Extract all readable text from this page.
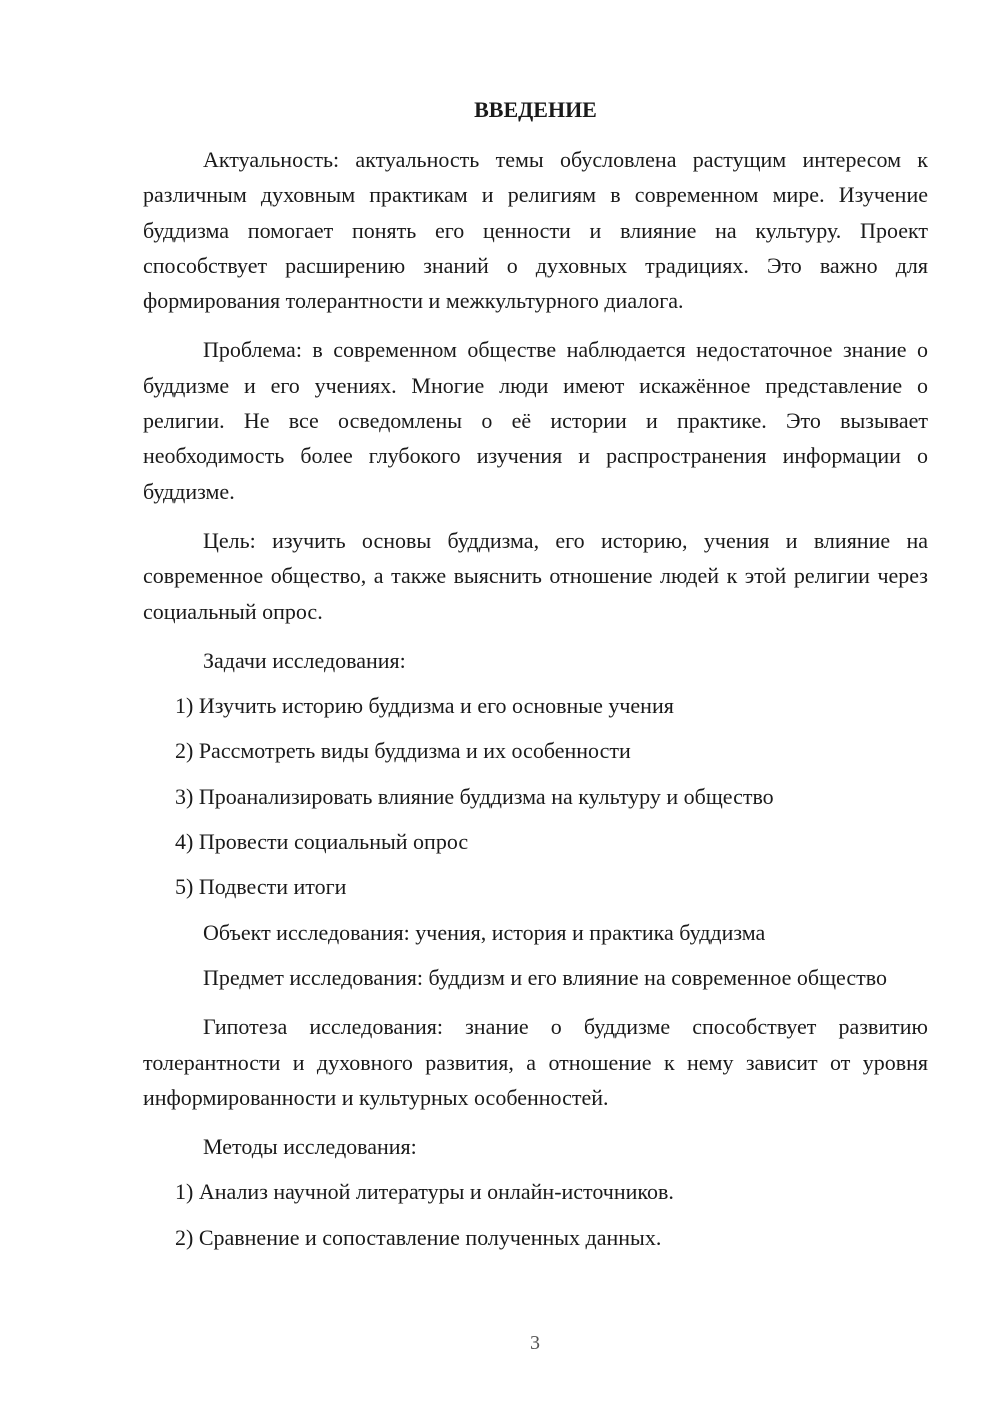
ВВЕДЕНИЕ

Актуальность: актуальность темы обусловлена растущим интересом к различным духовным практикам и религиям в современном мире. Изучение буддизма помогает понять его ценности и влияние на культуру. Проект способствует расширению знаний о духовных традициях. Это важно для формирования толерантности и межкультурного диалога.

Проблема: в современном обществе наблюдается недостаточное знание о буддизме и его учениях. Многие люди имеют искажённое представление о религии. Не все осведомлены о её истории и практике. Это вызывает необходимость более глубокого изучения и распространения информации о буддизме.

Цель: изучить основы буддизма, его историю, учения и влияние на современное общество, а также выяснить отношение людей к этой религии через социальный опрос.

Задачи исследования:

1) Изучить историю буддизма и его основные учения

2) Рассмотреть виды буддизма и их особенности

3) Проанализировать влияние буддизма на культуру и общество

4) Провести социальный опрос

5) Подвести итоги

Объект исследования: учения, история и практика буддизма

Предмет исследования: буддизм и его влияние на современное общество

Гипотеза исследования: знание о буддизме способствует развитию толерантности и духовного развития, а отношение к нему зависит от уровня информированности и культурных особенностей.

Методы исследования:

1) Анализ научной литературы и онлайн-источников.

2) Сравнение и сопоставление полученных данных.

3
